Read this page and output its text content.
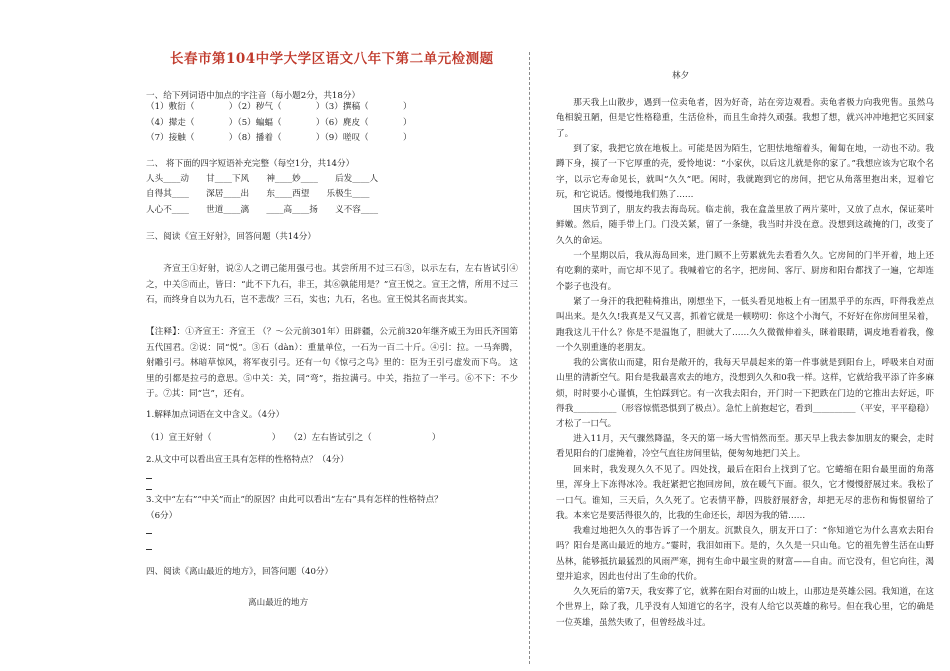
长春市第104中学大学区语文八年下第二单元检测题
一、给下列词语中加点的字注音（每小题2分，共18分）
（1）敷衍（　　　　）（2）秽气（　　　　）（3）撰稿（　　　　）
（4）撵走（　　　　）（5）蝙蝠（　　　　）（6）麂皮（　　　　）
（7）接触（　　　　）（8）播着（　　　　）（9）嗟叹（　　　　）
二、 将下面的四字短语补充完整（每空1分，共14分）
人头____动　　甘____下风　　神____妙____　　后发____人
自得其____　　深居____出　　东____西望　　乐极生____
人心不____　　世道____漓　　____高____扬　　义不容____
三、阅读《宣王好射》，回答问题（共14分）
齐宣王①好射，说②人之谓己能用强弓也。其尝所用不过三石③，以示左右，左右皆试引④之，中关⑤而止，皆曰：“此不下九石，非王，其⑥孰能用是？”宣王悦之。宣王之情，所用不过三石，而终身自以为九石，岂不悲哉？三石，实也；九石，名也。宣王悦其名而丧其实。
【注释】：①齐宣王：齐宣王 （？～公元前301年）田辟疆，公元前320年继齐威王为田氏齐国第五代国君。②说：同“悦”。③石（dàn）：重量单位，一石为一百二十斤。④引：拉。一马奔腾，射雕引弓。林暗草惊风，将军夜引弓。还有一句《惊弓之鸟》里的：臣为王引弓虚发而下鸟。 这里的引都是拉弓的意思。⑤中关：关，同“弯”，指拉满弓。中关，指拉了一半弓。⑥不下：不少于。⑦其：同“岂”，还有。
1.解释加点词语在文中含义。（4分）
（1）宣王好射（　　　　　　　）　　（2）左右皆试引之（　　　　　　　）
2.从文中可以看出宣王具有怎样的性格特点？（4分）
3.文中“左右”“中关”而止”的原因？由此可以看出“左右”具有怎样的性格特点？
（6分）
四、阅读《离山最近的地方》，回答问题（40分）
离山最近的地方
林夕
那天我上山散步，遇到一位卖龟者，因为好奇，站在旁边观看。卖龟者极力向我兜售。虽然乌龟相貌丑陋，但是它性格稳重，生活俭朴，而且生命持久顽强。我想了想，就兴冲冲地把它买回家了。
到了家，我把它放在地板上。可能是因为陌生，它胆怯地缩着头，匍匐在地，一动也不动。我蹲下身，摸了一下它厚重的壳，爱怜地说：“小家伙，以后这儿就是你的家了。”我想应该为它取个名字，以示它寿命见长，就叫“久久”吧。闲时，我就跑到它的房间，把它从角落里抱出来，逗着它玩，和它说话。慢慢地我们熟了……
国庆节到了，朋友约我去海岛玩。临走前，我在盒盖里放了两片菜叶，又放了点水，保证菜叶鲜嫩。然后，随手带上门。门没关紧，留了一条缝，我当时并没在意。没想到这疏掩的门，改变了久久的命运。
一个星期以后，我从海岛回来，进门顾不上劳累就先去看看久久。它房间的门半开着，地上还有吃剩的菜叶，而它却不见了。我喊着它的名字，把房间、客厅、厨房和阳台都找了一遍，它却连个影子也没有。
紧了一身汗的我把鞋椅推出，刚想坐下，一低头看见地板上有一团黑乎乎的东西，吓得我差点叫出来。是久久!我真是又气又喜，抓着它就是一顿唠叨：你这个小淘气，不好好在你房间里呆着，跑我这儿干什么？你是不是温饱了，胆就大了……久久微微伸着头，眯着眼睛，调皮地看着我，像一个久别重逢的老朋友。
我的公寓依山而建，阳台是敞开的，我每天早晨起来的第一件事就是到阳台上，呼吸来自对面山里的清新空气。阳台是我最喜欢去的地方，没想到久久和0我一样。这样，它就给我平添了许多麻烦，时时要小心谨慎，生怕踩到它。有一次我去阳台，开门时一下把跌在门边的它推出去好远，吓得我__________（形容惊慌恐惧到了极点）。急忙上前抱起它，看到__________（平安，平平稳稳）才松了一口气。
进入11月，天气骤然降温，冬天的第一场大雪悄然而至。那天早上我去参加朋友的聚会，走时看见阳台的门虚掩着，冷空气直往房间里钻，便匆匆地把门关上。
回来时，我发现久久不见了。四处找，最后在阳台上找到了它。它蜷缩在阳台最里面的角落里，浑身上下冻得冰冷。我赶紧把它抱回房间，放在暖气下面。很久，它才慢慢舒展过来。我松了一口气。谁知，三天后，久久死了。它表情平静，四肢舒展舒舍，却把无尽的悲伤和悔恨留给了我。本来它是要活得很久的，比我的生命还长，却因为我的错……
我难过地把久久的事告诉了一个朋友。沉默良久，朋友开口了：“你知道它为什么喜欢去阳台吗？阳台是离山最近的地方。”霎时，我泪如雨下。是的，久久是一只山龟。它的祖先曾生活在山野丛林，能够抵抗最猛烈的风雨严寒，拥有生命中最宝贵的财富——自由。而它没有，但它向往，渴望并追求，因此也付出了生命的代价。
久久死后的第7天，我安葬了它，就葬在阳台对面的山坡上，山那边是英雄公园。我知道，在这个世界上，除了我，几乎没有人知道它的名字，没有人给它以英雄的称号。但在我心里，它的确是一位英雄，虽然失败了，但曾经战斗过。
